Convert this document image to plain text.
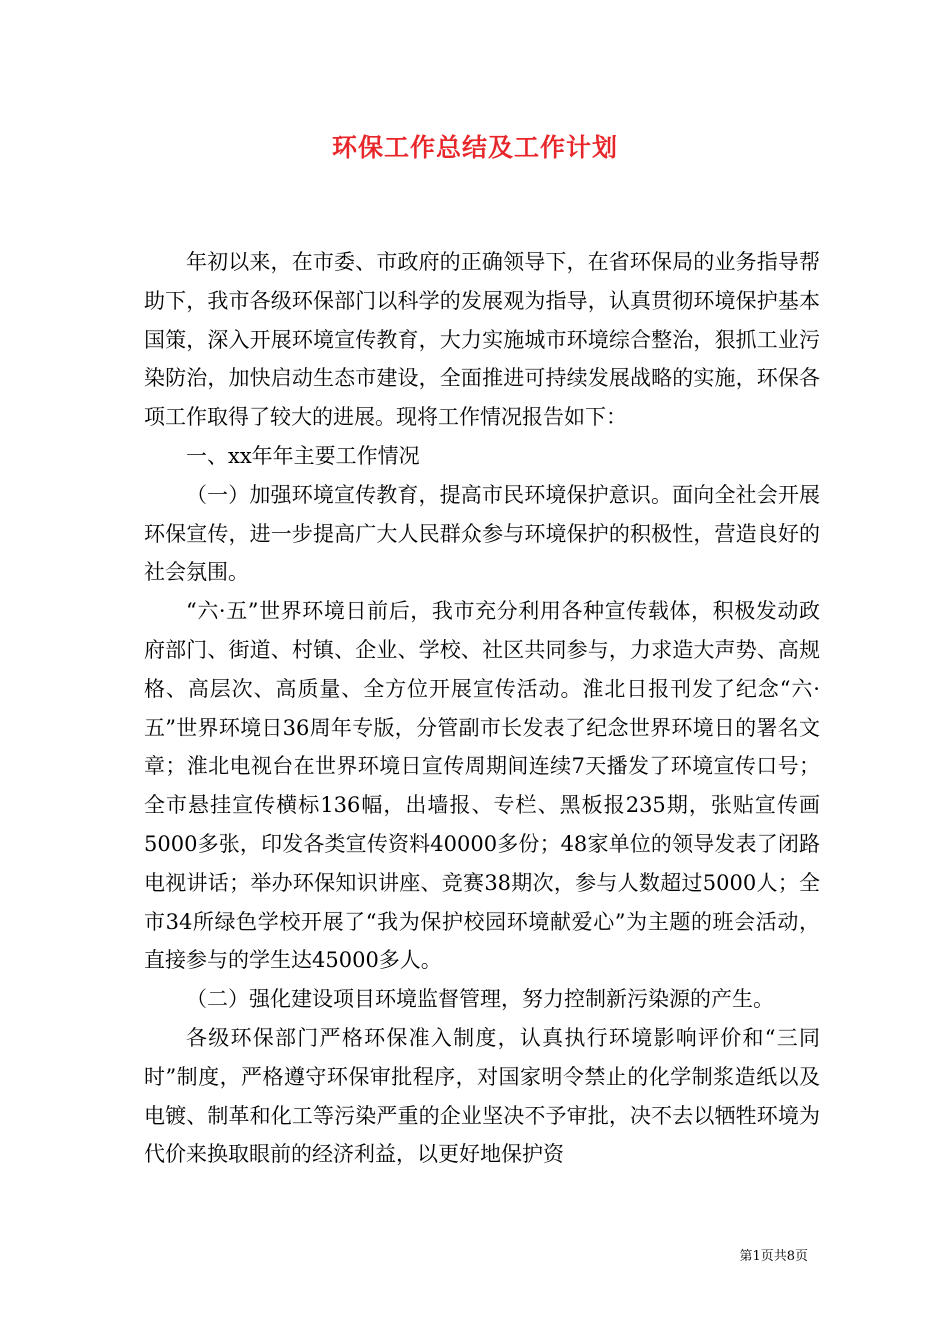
环保工作总结及工作计划

年初以来，在市委、市政府的正确领导下，在省环保局的业务指导帮助下，我市各级环保部门以科学的发展观为指导，认真贯彻环境保护基本国策，深入开展环境宣传教育，大力实施城市环境综合整治，狠抓工业污染防治，加快启动生态市建设，全面推进可持续发展战略的实施，环保各项工作取得了较大的进展。现将工作情况报告如下：

一、xx年年主要工作情况

（一）加强环境宣传教育，提高市民环境保护意识。面向全社会开展环保宣传，进一步提高广大人民群众参与环境保护的积极性，营造良好的社会氛围。

“六·五”世界环境日前后，我市充分利用各种宣传载体，积极发动政府部门、街道、村镇、企业、学校、社区共同参与，力求造大声势、高规格、高层次、高质量、全方位开展宣传活动。淮北日报刊发了纪念“六·五”世界环境日36周年专版，分管副市长发表了纪念世界环境日的署名文章；淮北电视台在世界环境日宣传周期间连续7天播发了环境宣传口号；全市悬挂宣传横标136幅，出墙报、专栏、黑板报235期，张贴宣传画5000多张，印发各类宣传资料40000多份；48家单位的领导发表了闭路电视讲话；举办环保知识讲座、竞赛38期次，参与人数超过5000人；全市34所绿色学校开展了“我为保护校园环境献爱心”为主题的班会活动，直接参与的学生达45000多人。

（二）强化建设项目环境监督管理，努力控制新污染源的产生。

各级环保部门严格环保准入制度，认真执行环境影响评价和“三同时”制度，严格遵守环保审批程序，对国家明令禁止的化学制浆造纸以及电镀、制革和化工等污染严重的企业坚决不予审批，决不去以牺牲环境为代价来换取眼前的经济利益，以更好地保护资

第1页共8页
